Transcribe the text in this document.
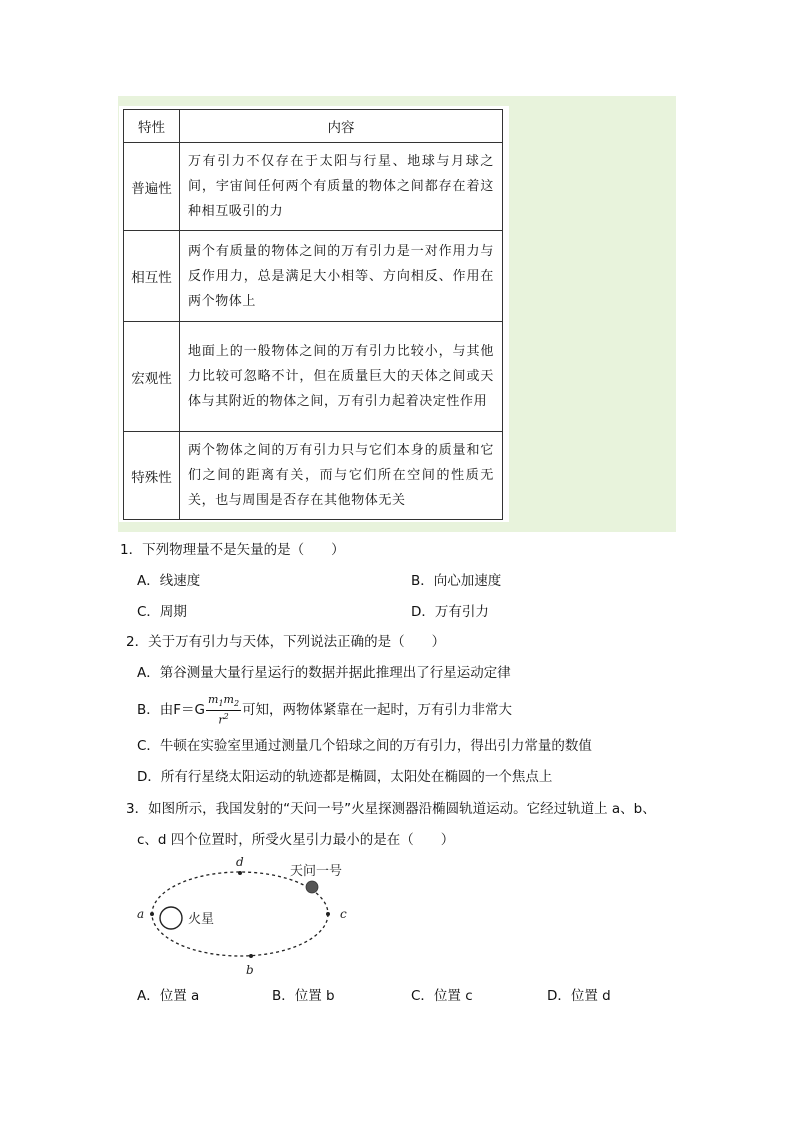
特性	内容
普遍性	万有引力不仅存在于太阳与行星、地球与月球之间，宇宙间任何两个有质量的物体之间都存在着这种相互吸引的力
相互性	两个有质量的物体之间的万有引力是一对作用力与反作用力，总是满足大小相等、方向相反、作用在两个物体上
宏观性	地面上的一般物体之间的万有引力比较小，与其他力比较可忽略不计，但在质量巨大的天体之间或天体与其附近的物体之间，万有引力起着决定性作用
特殊性	两个物体之间的万有引力只与它们本身的质量和它们之间的距离有关，而与它们所在空间的性质无关，也与周围是否存在其他物体无关
1．下列物理量不是矢量的是（　　）
A．线速度	B．向心加速度
C．周期	D．万有引力
2．关于万有引力与天体，下列说法正确的是（　　）
A．第谷测量大量行星运行的数据并据此推理出了行星运动定律
B．由$F=G \frac{m_1m_2}{r^2}$ 可知，两物体紧靠在一起时，万有引力非常大
C．牛顿在实验室里通过测量几个铅球之间的万有引力，得出引力常量的数值
D．所有行星绕太阳运动的轨迹都是椭圆，太阳处在椭圆的一个焦点上
3．如图所示，我国发射的“天问一号”火星探测器沿椭圆轨道运动。它经过轨道上 a、b、
c、d 四个位置时，所受火星引力最小的是在（　　）
火星
a
b
c
d
天问一号
A．位置 a	B．位置 b	C．位置 c	D．位置 d
